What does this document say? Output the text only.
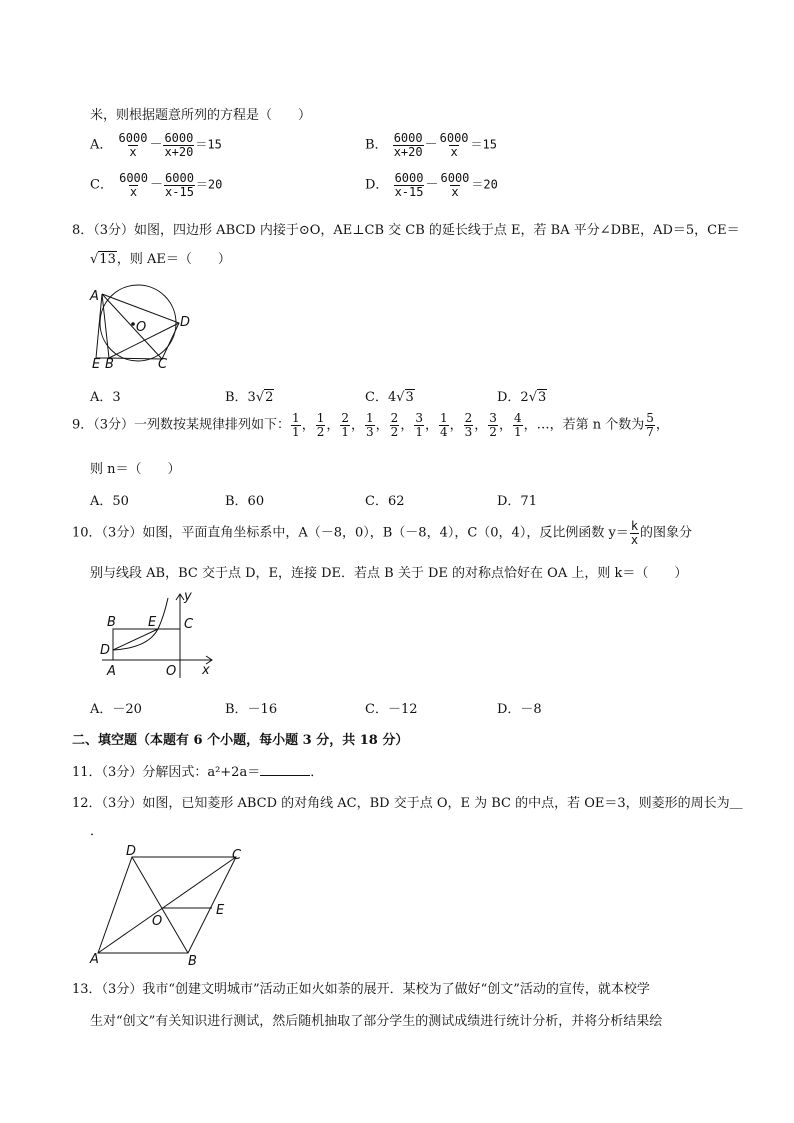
米，则根据题意所列的方程是（　　）
A． $\frac{6000}{x} - \frac{6000}{x+20} =15$	B． $\frac{6000}{x+20} - \frac{6000}{x} =15$
C． $\frac{6000}{x} - \frac{6000}{x-15} =20$	D． $\frac{6000}{x-15} - \frac{6000}{x} =20$
8．（3分）如图，四边形 ABCD 内接于⊙O，AE⊥CB 交 CB 的延长线于点 E，若 BA 平分∠DBE，AD＝5，CE＝
√13，则 AE＝（　　）
A
O	D
E B	C
A．3	B．3√2	C．4√3	D．2√3
9．（3分）一列数按某规律排列如下： $\frac{1}{1}$ ， $\frac{1}{2}$ ， $\frac{2}{1}$ ， $\frac{1}{3}$ ， $\frac{2}{2}$ ， $\frac{3}{1}$ ， $\frac{1}{4}$ ， $\frac{2}{3}$ ， $\frac{3}{2}$ ， $\frac{4}{1}$ ，…，若第 n 个数为 $\frac{5}{7}$ ，
则 n＝（　　）
A．50	B．60	C．62	D．71
10．（3分）如图，平面直角坐标系中，A（－8，0），B（－8，4），C（0，4），反比例函数 $y= \frac{k}{x}$ 的图象分
别与线段 AB，BC 交于点 D，E，连接 DE．若点 B 关于 DE 的对称点恰好在 OA 上，则 k＝（　　）
y
B E C
D
A	O x
A．－20	B．－16	C．－12	D．－8
二、填空题（本题有 6 个小题，每小题 3 分，共 18 分）
11．（3分）分解因式：a²+2a＝	．
12．（3分）如图，已知菱形 ABCD 的对角线 AC，BD 交于点 O，E 为 BC 的中点，若 OE＝3，则菱形的周长为＿
．
D	C
O
E
A	B
13．（3分）我市“创建文明城市”活动正如火如荼的展开．某校为了做好“创文”活动的宣传，就本校学
生对“创文”有关知识进行测试，然后随机抽取了部分学生的测试成绩进行统计分析，并将分析结果绘
